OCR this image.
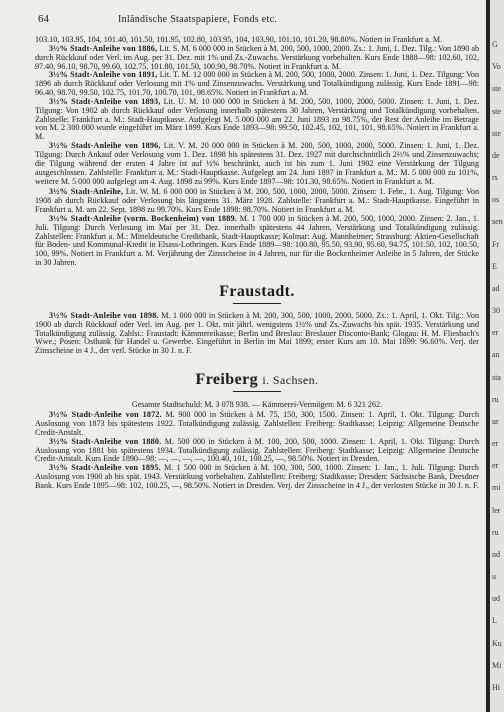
64	Inländische Staatspapiere, Fonds etc.

103.10, 103.95, 104, 101.40, 101.50, 101.95, 102.80, 103.95, 104, 103.90, 101.10, 101.20, 98.80%. Notiert in Frankfurt a. M.

3½% Stadt-Anleihe von 1886, Lit. S. M. 6 000 000 in Stücken à M. 200, 500, 1000, 2000. Zs.: 1. Juni, 1. Dez. Tilg.: Von 1890 ab durch Rückkauf oder Verl. im Aug. per 31. Dez. mit 1% und Zs.-Zuwachs. Verstärkung vorbehalten. Kurs Ende 1888—98: 102.60, 102, 97.40, 96.10, 98.70, 99.60, 102.75, 101.80, 101.50, 100.90, 98.70%. Notiert in Frankfurt a. M.

3½% Stadt-Anleihe von 1891, Lit. T. M. 12 000 000 in Stücken à M. 200, 500, 1000, 2000. Zinsen: 1. Juni, 1. Dez. Tilgung: Von 1896 ab durch Rückkauf oder Verlosung mit 1% und Zinsenzuwachs. Verstärkung und Totalkündigung zulässig. Kurs Ende 1891—98: 96.40, 98.70, 99.50, 102.75, 101.70, 100.70, 101, 98.65%. Notiert in Frankfurt a. M.

3½% Stadt-Anleihe von 1893, Lit. U. M. 10 000 000 in Stücken à M. 200, 500, 1000, 2000, 5000. Zinsen: 1. Juni, 1. Dez. Tilgung: Von 1902 ab durch Rückkauf oder Verlosung innerhalb spätestens 30 Jahren, Verstärkung und Totalkündigung vorbehalten. Zahlstelle: Frankfurt a. M.: Stadt-Hauptkasse. Aufgelegt M. 5 000 000 am 22. Juni 1893 zu 98.75%, der Rest der Anleihe im Betrage von M. 2 300 000 wurde eingeführt im März 1899. Kurs Ende 1893—98: 99.50, 102.45, 102, 101, 101, 98.65%. Notiert in Frankfurt a. M.

3½% Stadt-Anleihe von 1896, Lit. V. M. 20 000 000 in Stücken à M. 200, 500, 1000, 2000, 5000. Zinsen: 1. Juni, 1. Dez. Tilgung: Durch Ankauf oder Verlosung vom 1. Dez. 1898 bis spätestens 31. Dez. 1927 mit durchschnittlich 2⅔% und Zinsenzuwachs; die Tilgung während der ersten 4 Jahre ist auf ½% beschränkt, auch ist bis zum 1. Juni 1902 eine Verstärkung der Tilgung ausgeschlossen. Zahlstelle: Frankfurt a. M.: Stadt-Hauptkasse. Aufgelegt am 24. Juni 1897 in Frankfurt a. M.: M. 5 000 000 zu 101%, weitere M. 5 000 000 aufgelegt am 4. Aug. 1898 zu 99%. Kurs Ende 1897—98: 101.30, 98.65%. Notiert in Frankfurt a. M.

3½% Stadt-Anleihe, Lit. W. M. 6 000 000 in Stücken à M. 200, 500, 1000, 2000, 5000. Zinsen: 1. Febr., 1. Aug. Tilgung: Von 1908 ab durch Rückkauf oder Verlosung bis längstens 31. März 1928. Zahlstelle: Frankfurt a. M.: Stadt-Hauptkasse. Eingeführt in Frankfurt a. M. am 22. Sept. 1898 zu 99.70%. Kurs Ende 1898: 98.70%. Notiert in Frankfurt a. M.

3½% Stadt-Anleihe (vorm. Bockenheim) von 1889. M. 1 700 000 in Stücken à M. 200, 500, 1000, 2000. Zinsen: 2. Jan., 1. Juli. Tilgung: Durch Verlosung im Mai per 31. Dez. innerhalb spätestens 44 Jahren, Verstärkung und Totalkündigung zulässig. Zahlstellen: Frankfurt a. M.: Mitteldeutsche Creditbank, Stadt-Hauptkasse; Kolmar: Aug. Mannheimer; Strassburg: Aktien-Gesellschaft für Boden- und Kommunal-Kredit in Elsass-Lothringen. Kurs Ende 1889—98: 100.80, 95.50, 93.90, 95.60, 94.75, 101.50, 102, 100.50, 100, 99%. Notiert in Frankfurt a. M. Verjährung der Zinsscheine in 4 Jahren, nur für die Bockenheimer Anleihe in 5 Jahren, der Stücke in 30 Jahren.

Fraustadt.

3½% Stadt-Anleihe von 1898. M. 1 000 000 in Stücken à M. 200, 300, 500, 1000, 2000, 5000. Zs.: 1. April, 1. Okt. Tilg.: Von 1900 ab durch Rückkauf oder Verl. im Aug. per 1. Okt. mit jährl. wenigstens 1½% und Zs.-Zuwachs bis spät. 1935. Verstärkung und Totalkündigung zulässig. Zahlst.: Fraustadt: Kämmereikasse; Berlin und Breslau: Breslauer Disconto-Bank; Glogau: H. M. Fliesbach's Wwe.; Posen: Ostbank für Handel u. Gewerbe. Eingeführt in Berlin im Mai 1899; erster Kurs am 10. Mai 1899: 96.60%. Verj. der Zinsscheine in 4 J., der verl. Stücke in 30 J. n. F.

Freiberg i. Sachsen.
Gesamte Stadtschuld: M. 3 078 938. — Kämmerei-Vermögen: M. 6 321 262.

3½% Stadt-Anleihe von 1872. M. 900 000 in Stücken à M. 75, 150, 300, 1500. Zinsen: 1. April, 1. Okt. Tilgung: Durch Auslosung von 1873 bis spätestens 1922. Totalkündigung zulässig. Zahlstellen: Freiberg: Stadtkasse; Leipzig: Allgemeine Deutsche Credit-Anstalt.

3½% Stadt-Anleihe von 1880. M. 500 000 in Stücken à M. 100, 200, 500, 1000. Zinsen: 1. April, 1. Okt. Tilgung: Durch Auslosung von 1881 bis spätestens 1934. Totalkündigung zulässig. Zahlstellen: Freiberg: Stadtkasse; Leipzig: Allgemeine Deutsche Credit-Anstalt. Kurs Ende 1890—98: —, —, —, —, 100.40, 101, 100.25, —, 98.50%. Notiert in Dresden.

3½% Stadt-Anleihe von 1895. M. 1 500 000 in Stücken à M. 100, 300, 500, 1000. Zinsen: 1. Jan., 1. Juli. Tilgung: Durch Auslosung von 1900 ab bis spät. 1943. Verstärkung vorbehalten. Zahlstellen: Freiberg: Stadtkasse; Dresden: Sächsische Bank, Dresdner Bank. Kurs Ende 1895—98: 102, 100.25, —, 98.50%. Notiert in Dresden. Verj. der Zinsscheine in 4 J., der verlosten Stücke in 30 J. n. F.

G
Vo
ste
ste
ste
de
rs
os
sen
Fr
E
ad
30
er
an
sta
ru
ur
er
er
mi
ler
ru
nd
u
ud
L
Ku
Mi
Hi
